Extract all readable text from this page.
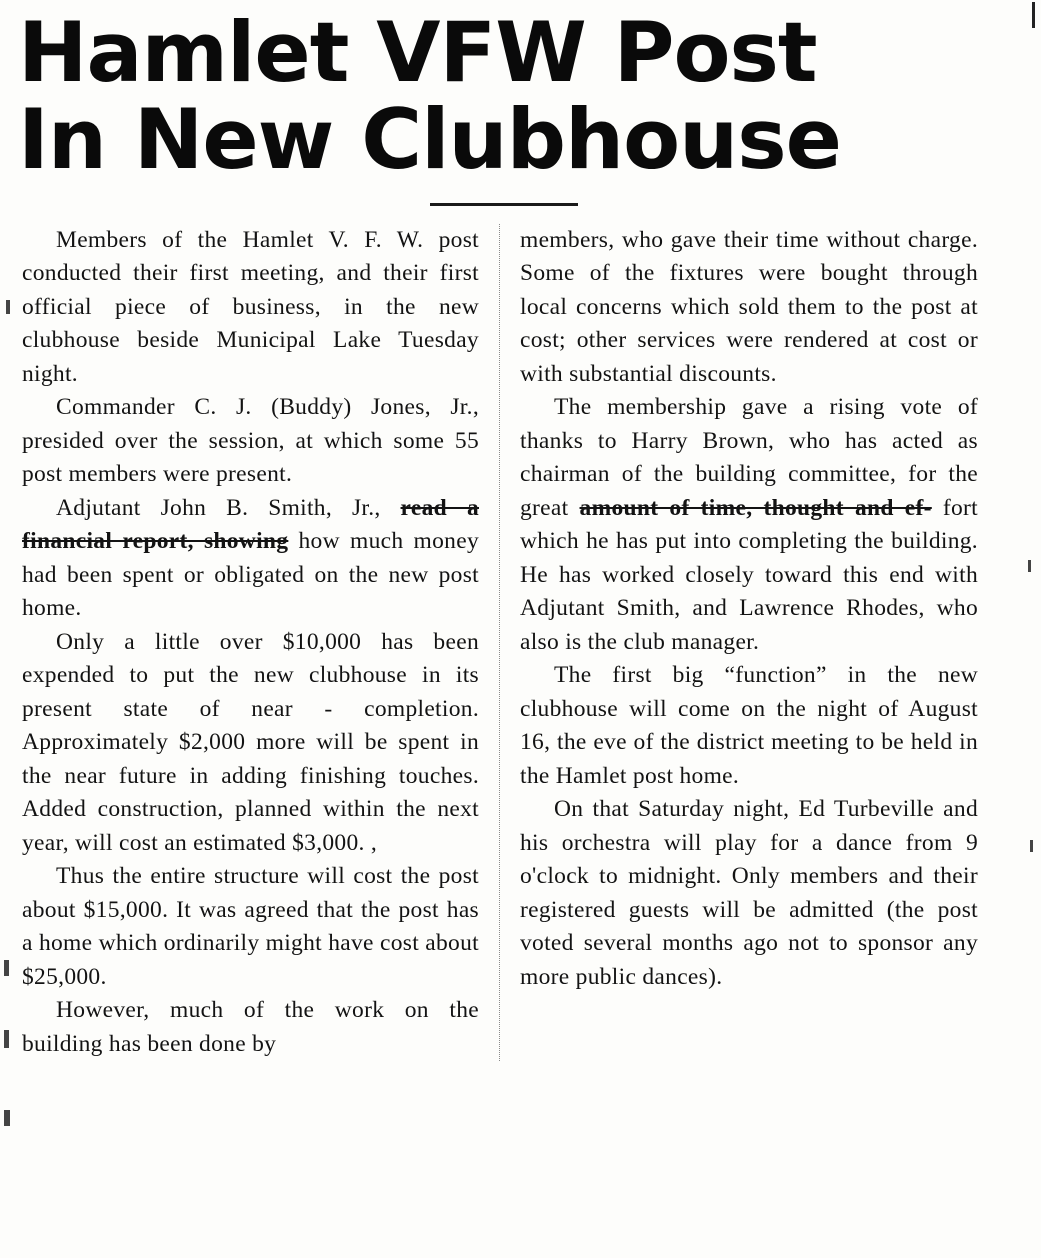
Hamlet VFW Post
In New Clubhouse

Members of the Hamlet V. F. W. post conducted their first meeting, and their first official piece of business, in the new clubhouse beside Municipal Lake Tuesday night.

Commander C. J. (Buddy) Jones, Jr., presided over the session, at which some 55 post members were present.

Adjutant John B. Smith, Jr., read a financial report, showing how much money had been spent or obligated on the new post home.

Only a little over $10,000 has been expended to put the new clubhouse in its present state of near - completion. Approximately $2,000 more will be spent in the near future in adding finishing touches. Added construction, planned within the next year, will cost an estimated $3,000. ,

Thus the entire structure will cost the post about $15,000. It was agreed that the post has a home which ordinarily might have cost about $25,000.

However, much of the work on the building has been done by

members, who gave their time without charge. Some of the fixtures were bought through local concerns which sold them to the post at cost; other services were rendered at cost or with substantial discounts.

The membership gave a rising vote of thanks to Harry Brown, who has acted as chairman of the building committee, for the great amount of time, thought and ef- fort which he has put into completing the building. He has worked closely toward this end with Adjutant Smith, and Lawrence Rhodes, who also is the club manager.

The first big “function” in the new clubhouse will come on the night of August 16, the eve of the district meeting to be held in the Hamlet post home.

On that Saturday night, Ed Turbeville and his orchestra will play for a dance from 9 o'clock to midnight. Only members and their registered guests will be admitted (the post voted several months ago not to sponsor any more public dances).
